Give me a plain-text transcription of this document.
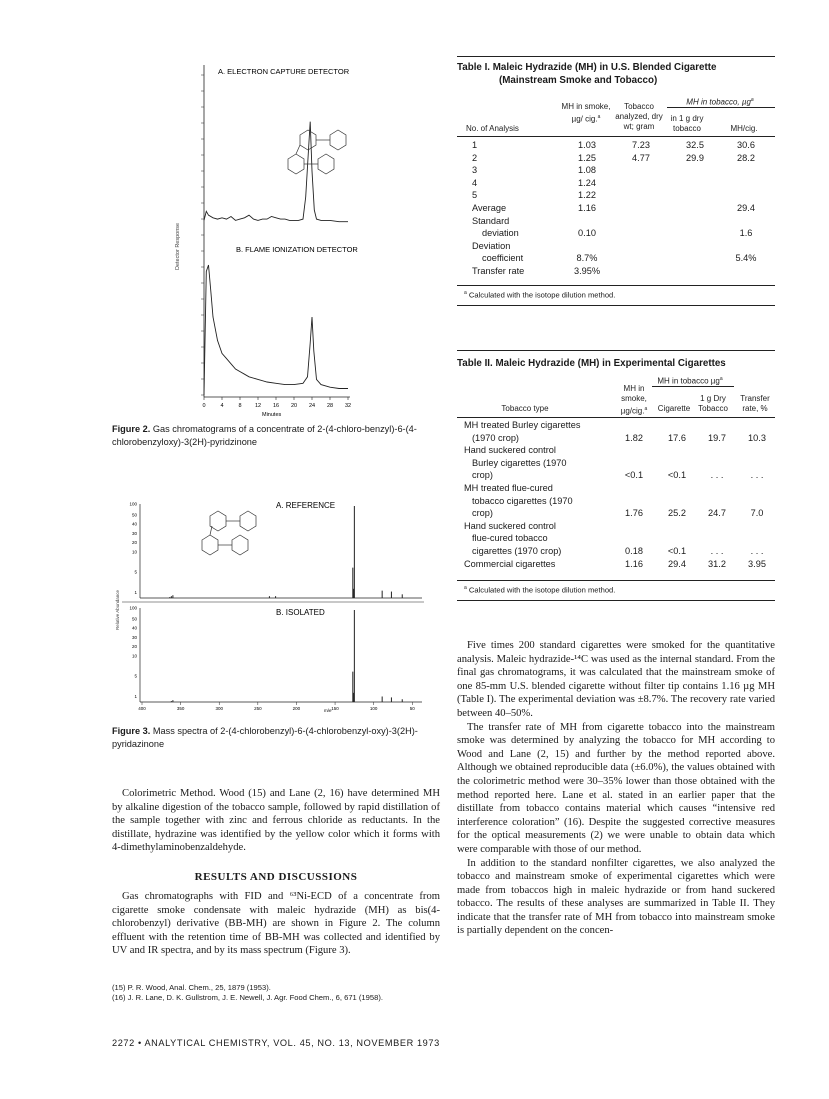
A. ELECTRON CAPTURE DETECTOR
B. FLAME IONIZATION DETECTOR
Detector Response
Minutes
0	4	8 12 16 20 24 28 32
Figure 2. Gas chromatograms of a concentrate of 2-(4-chloro-benzyl)-6-(4-chlorobenzyloxy)-3(2H)-pyridzinone
A. REFERENCE
B. ISOLATED
Relative Abundance
m/e
100
50
40
30
20
10
5
1
100
50
40
30
20
10
5
1
400	350	300	250	200	150	100	50
Figure 3. Mass spectra of 2-(4-chlorobenzyl)-6-(4-chlorobenzyl-oxy)-3(2H)-pyridazinone

Colorimetric Method. Wood (15) and Lane (2, 16) have determined MH by alkaline digestion of the tobacco sample, followed by rapid distillation of the sample together with zinc and ferrous chloride as reductants. In the distillate, hydrazine was identified by the yellow color which it forms with 4-dimethylaminobenzaldehyde.

RESULTS AND DISCUSSIONS

Gas chromatographs with FID and ⁶³Ni-ECD of a concentrate from cigarette smoke condensate with maleic hydrazide (MH) as bis(4-chlorobenzyl) derivative (BB-MH) are shown in Figure 2. The column effluent with the retention time of BB-MH was collected and identified by UV and IR spectra, and by its mass spectrum (Figure 3).

(15) P. R. Wood, Anal. Chem., 25, 1879 (1953).
(16) J. R. Lane, D. K. Gullstrom, J. E. Newell, J. Agr. Food Chem., 6, 671 (1958).
2272 • ANALYTICAL CHEMISTRY, VOL. 45, NO. 13, NOVEMBER 1973
Table I. Maleic Hydrazide (MH) in U.S. Blended Cigarette
(Mainstream Smoke and Tobacco)
MH in tobacco, µg$^a$
No. of Analysis
MH in smoke, µg/ cig.$^a$
Tobacco analyzed, dry wt; gram
in 1 g dry tobacco	MH/cig.
1	1.03	7.23	32.5	30.6
2	1.25	4.77	29.9	28.2
3	1.08			
4	1.24			
5	1.22			
Average	1.16			29.4
Standard				
deviation	0.10			1.6
Deviation				
coefficient	8.7%			5.4%
Transfer rate	3.95%			
$^a$ Calculated with the isotope dilution method.
Table II. Maleic Hydrazide (MH) in Experimental Cigarettes
MH in tobacco µg$^a$
Tobacco type
MH in smoke, µg/cig.$^a$	Cigarette
1 g Dry Tobacco
Transfer rate, %
MH treated Burley cigarettes				
(1970 crop)	1.82	17.6	19.7	10.3
Hand suckered control				
Burley cigarettes (1970				
crop)	<0.1	<0.1	. . .	. . .
MH treated flue-cured				
tobacco cigarettes (1970				
crop)	1.76	25.2	24.7	7.0
Hand suckered control				
flue-cured tobacco				
cigarettes (1970 crop)	0.18	<0.1	. . .	. . .
Commercial cigarettes	1.16	29.4	31.2	3.95
$^a$ Calculated with the isotope dilution method.

Five times 200 standard cigarettes were smoked for the quantitative analysis. Maleic hydrazide-¹⁴C was used as the internal standard. From the final gas chromatograms, it was calculated that the mainstream smoke of one 85-mm U.S. blended cigarette without filter tip contains 1.16 µg MH (Table I). The experimental deviation was ±8.7%. The recovery rate varied between 40–50%.

The transfer rate of MH from cigarette tobacco into the mainstream smoke was determined by analyzing the tobacco for MH according to Wood and Lane (2, 15) and further by the method reported above. Although we obtained reproducible data (±6.0%), the values obtained with the colorimetric method were 30–35% lower than those obtained with the method reported here. Lane et al. stated in an earlier paper that the distillate from tobacco contains material which causes “intensive red interference coloration” (16). Despite the suggested corrective measures for the optical measurements (2) we were unable to obtain data which were comparable with those of our method.

In addition to the standard nonfilter cigarettes, we also analyzed the tobacco and mainstream smoke of experimental cigarettes which were made from tobaccos high in maleic hydrazide or from hand suckered tobacco. The results of these analyses are summarized in Table II. They indicate that the transfer rate of MH from tobacco into mainstream smoke is partially dependent on the concen-
